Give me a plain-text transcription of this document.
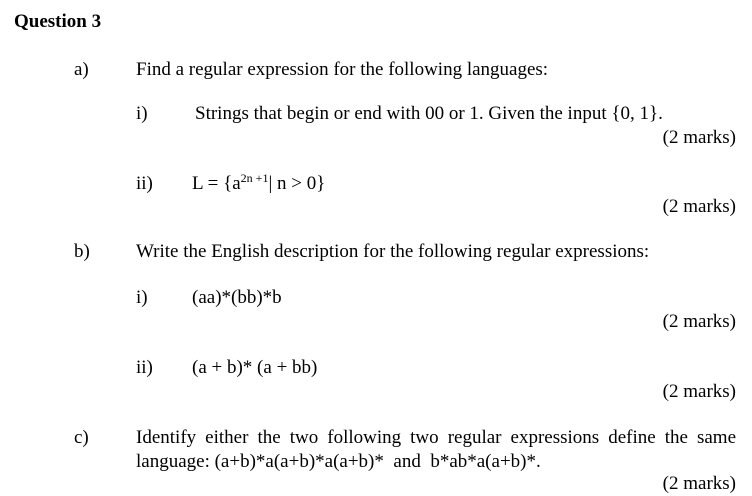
Question 3
a) Find a regular expression for the following languages:
i) Strings that begin or end with 00 or 1. Given the input {0, 1}.
(2 marks)
ii) $L = \{a^{2n +1}|$ n > 0}
(2 marks)
b) Write the English description for the following regular expressions:
i) (aa)*(bb)*b
(2 marks)
ii) (a + b)* (a + bb)
(2 marks)
c) Identify either the two following two regular expressions define the same
language: (a+b)*a(a+b)*a(a+b)*  and  b*ab*a(a+b)*.
(2 marks)
